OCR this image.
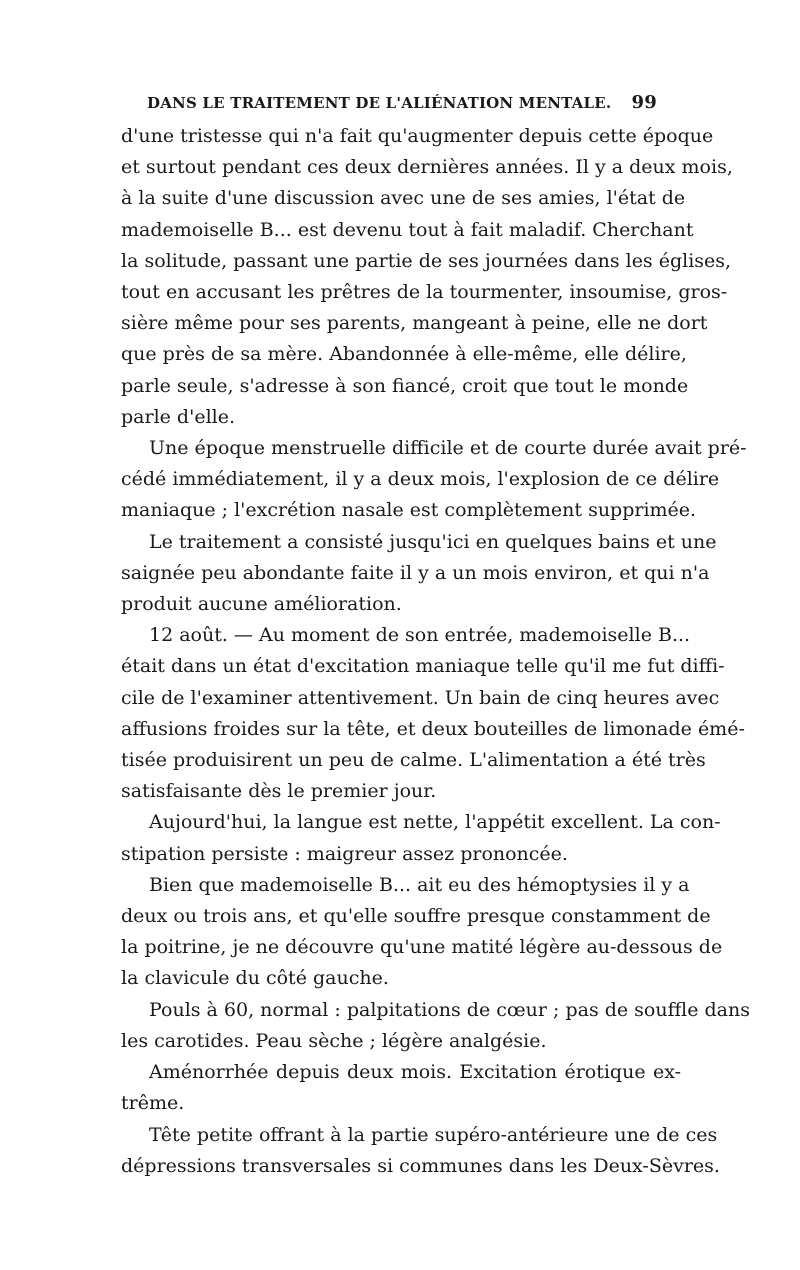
DANS LE TRAITEMENT DE L'ALIÉNATION MENTALE. 99
d'une tristesse qui n'a fait qu'augmenter depuis cette époque
et surtout pendant ces deux dernières années. Il y a deux mois,
à la suite d'une discussion avec une de ses amies, l'état de
mademoiselle B... est devenu tout à fait maladif. Cherchant
la solitude, passant une partie de ses journées dans les églises,
tout en accusant les prêtres de la tourmenter, insoumise, gros-
sière même pour ses parents, mangeant à peine, elle ne dort
que près de sa mère. Abandonnée à elle-même, elle délire,
parle seule, s'adresse à son fiancé, croit que tout le monde
parle d'elle.
Une époque menstruelle difficile et de courte durée avait pré-
cédé immédiatement, il y a deux mois, l'explosion de ce délire
maniaque ; l'excrétion nasale est complètement supprimée.
Le traitement a consisté jusqu'ici en quelques bains et une
saignée peu abondante faite il y a un mois environ, et qui n'a
produit aucune amélioration.
12 août. — Au moment de son entrée, mademoiselle B...
était dans un état d'excitation maniaque telle qu'il me fut diffi-
cile de l'examiner attentivement. Un bain de cinq heures avec
affusions froides sur la tête, et deux bouteilles de limonade émé-
tisée produisirent un peu de calme. L'alimentation a été très
satisfaisante dès le premier jour.
Aujourd'hui, la langue est nette, l'appétit excellent. La con-
stipation persiste : maigreur assez prononcée.
Bien que mademoiselle B... ait eu des hémoptysies il y a
deux ou trois ans, et qu'elle souffre presque constamment de
la poitrine, je ne découvre qu'une matité légère au-dessous de
la clavicule du côté gauche.
Pouls à 60, normal : palpitations de cœur ; pas de souffle dans
les carotides. Peau sèche ; légère analgésie.
Aménorrhée depuis deux mois. Excitation érotique ex-
trême.
Tête petite offrant à la partie supéro-antérieure une de ces
dépressions transversales si communes dans les Deux-Sèvres.
